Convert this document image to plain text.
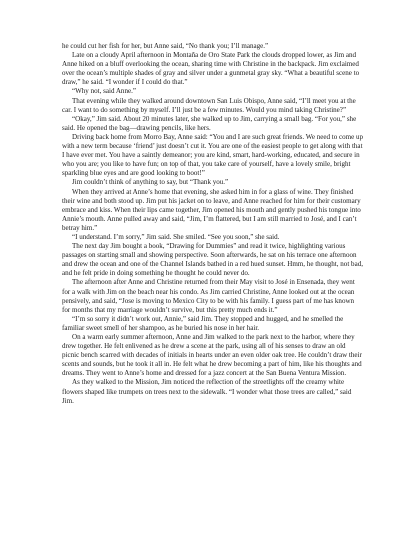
he could cut her fish for her, but Anne said, “No thank you; I’ll manage.”

Late on a cloudy April afternoon in Montaña de Oro State Park the clouds dropped lower, as Jim and Anne hiked on a bluff overlooking the ocean, sharing time with Christine in the backpack. Jim exclaimed over the ocean’s multiple shades of gray and silver under a gunmetal gray sky. “What a beautiful scene to draw,” he said. “I wonder if I could do that.”

“Why not, said Anne.”

That evening while they walked around downtown San Luis Obispo, Anne said, “I’ll meet you at the car. I want to do something by myself. I’ll just be a few minutes. Would you mind taking Christine?”

“Okay,” Jim said. About 20 minutes later, she walked up to Jim, carrying a small bag. “For you,” she said. He opened the bag—drawing pencils, like hers.

Driving back home from Morro Bay, Anne said: “You and I are such great friends. We need to come up with a new term because ‘friend’ just doesn’t cut it. You are one of the easiest people to get along with that I have ever met. You have a saintly demeanor; you are kind, smart, hard-working, educated, and secure in who you are; you like to have fun; on top of that, you take care of yourself, have a lovely smile, bright sparkling blue eyes and are good looking to boot!”

Jim couldn’t think of anything to say, but “Thank you.”

When they arrived at Anne’s home that evening, she asked him in for a glass of wine. They finished their wine and both stood up. Jim put his jacket on to leave, and Anne reached for him for their customary embrace and kiss. When their lips came together, Jim opened his mouth and gently pushed his tongue into Annie’s mouth. Anne pulled away and said, “Jim, I’m flattered, but I am still married to José, and I can’t betray him.”

“I understand. I’m sorry,” Jim said. She smiled. “See you soon,” she said.

The next day Jim bought a book, “Drawing for Dummies” and read it twice, highlighting various passages on starting small and showing perspective. Soon afterwards, he sat on his terrace one afternoon and drew the ocean and one of the Channel Islands bathed in a red hued sunset. Hmm, he thought, not bad, and he felt pride in doing something he thought he could never do.

The afternoon after Anne and Christine returned from their May visit to José in Ensenada, they went for a walk with Jim on the beach near his condo. As Jim carried Christine, Anne looked out at the ocean pensively, and said, “Jose is moving to Mexico City to be with his family. I guess part of me has known for months that my marriage wouldn’t survive, but this pretty much ends it.”

“I’m so sorry it didn’t work out, Annie,” said Jim. They stopped and hugged, and he smelled the familiar sweet smell of her shampoo, as he buried his nose in her hair.

On a warm early summer afternoon, Anne and Jim walked to the park next to the harbor, where they drew together. He felt enlivened as he drew a scene at the park, using all of his senses to draw an old picnic bench scarred with decades of initials in hearts under an even older oak tree. He couldn’t draw their scents and sounds, but he took it all in. He felt what he drew becoming a part of him, like his thoughts and dreams. They went to Anne’s home and dressed for a jazz concert at the San Buena Ventura Mission.

As they walked to the Mission, Jim noticed the reflection of the streetlights off the creamy white flowers shaped like trumpets on trees next to the sidewalk. “I wonder what those trees are called,” said Jim.
